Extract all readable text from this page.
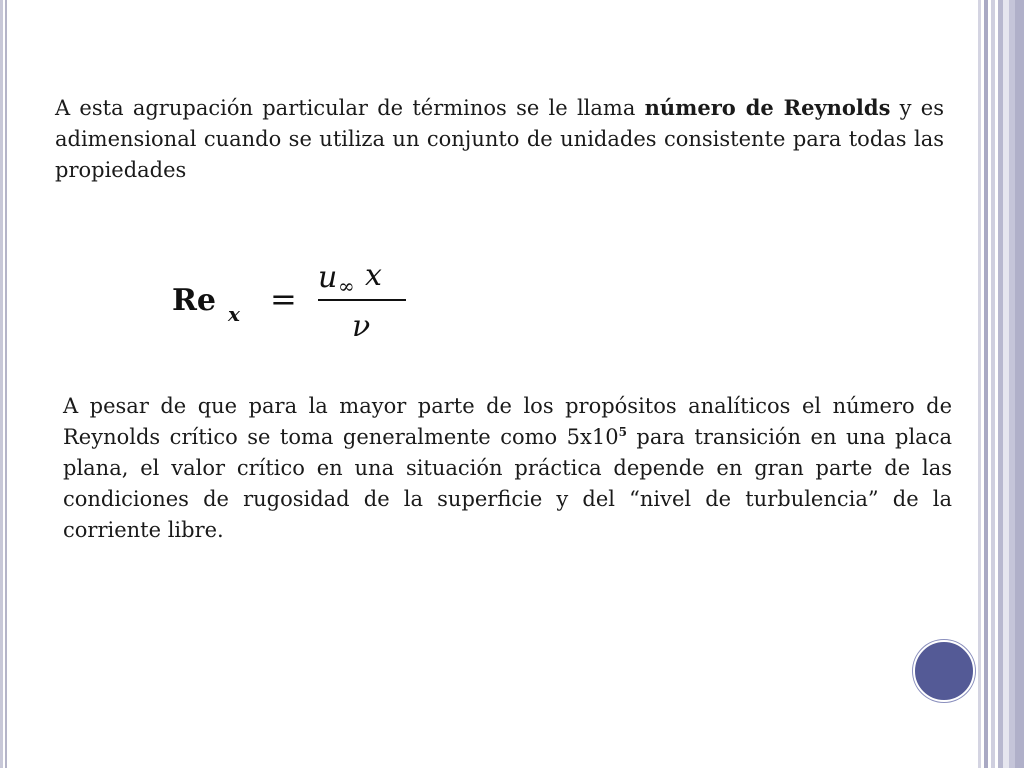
A esta agrupación particular de términos se le llama número de Reynolds y es adimensional cuando se utiliza un conjunto de unidades consistente para todas las propiedades
Re x =
u ∞ x
ν
A pesar de que para la mayor parte de los propósitos analíticos el número de Reynolds crítico se toma generalmente como $5x10^5$ para transición en una placa plana, el valor crítico en una situación práctica depende en gran parte de las condiciones de rugosidad de la superficie y del “nivel de turbulencia” de la corriente libre.
